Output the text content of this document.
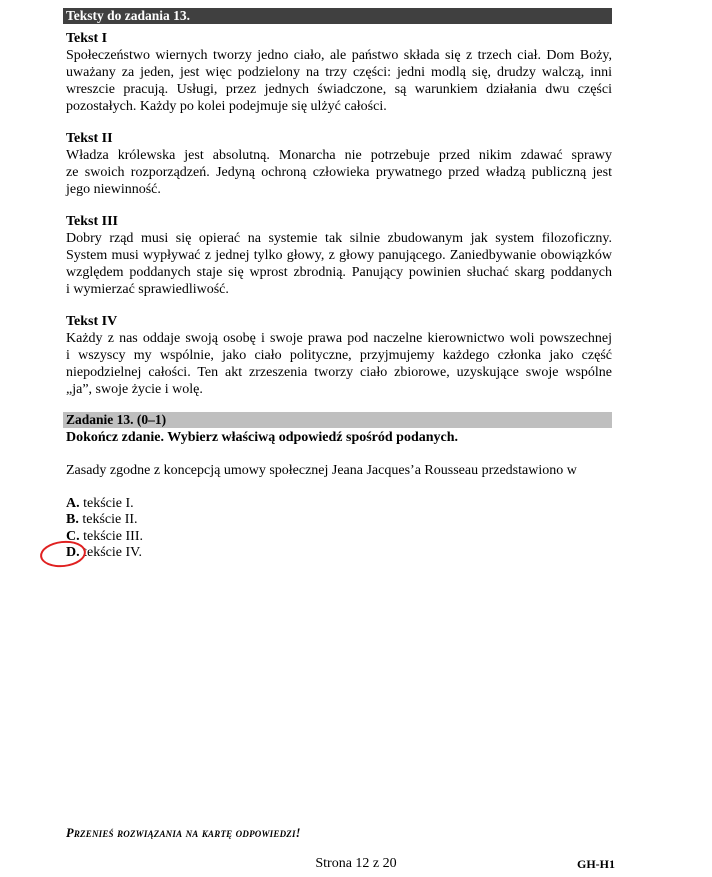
Teksty do zadania 13.
Tekst I
Społeczeństwo wiernych tworzy jedno ciało, ale państwo składa się z trzech ciał. Dom Boży,
uważany za jeden, jest więc podzielony na trzy części: jedni modlą się, drudzy walczą, inni
wreszcie pracują. Usługi, przez jednych świadczone, są warunkiem działania dwu części
pozostałych. Każdy po kolei podejmuje się ulżyć całości.
Tekst II
Władza królewska jest absolutną. Monarcha nie potrzebuje przed nikim zdawać sprawy
ze swoich rozporządzeń. Jedyną ochroną człowieka prywatnego przed władzą publiczną jest
jego niewinność.
Tekst III
Dobry rząd musi się opierać na systemie tak silnie zbudowanym jak system filozoficzny.
System musi wypływać z jednej tylko głowy, z głowy panującego. Zaniedbywanie obowiązków
względem poddanych staje się wprost zbrodnią. Panujący powinien słuchać skarg poddanych
i wymierzać sprawiedliwość.
Tekst IV
Każdy z nas oddaje swoją osobę i swoje prawa pod naczelne kierownictwo woli powszechnej
i wszyscy my wspólnie, jako ciało polityczne, przyjmujemy każdego członka jako część
niepodzielnej całości. Ten akt zrzeszenia tworzy ciało zbiorowe, uzyskujące swoje wspólne
„ja”, swoje życie i wolę.
Zadanie 13. (0–1)
Dokończ zdanie. Wybierz właściwą odpowiedź spośród podanych.
Zasady zgodne z koncepcją umowy społecznej Jeana Jacques’a Rousseau przedstawiono w
A. tekście I.
B. tekście II.
C. tekście III.
D. tekście IV.
Przenieś rozwiązania na kartę odpowiedzi!
Strona 12 z 20	GH-H1
